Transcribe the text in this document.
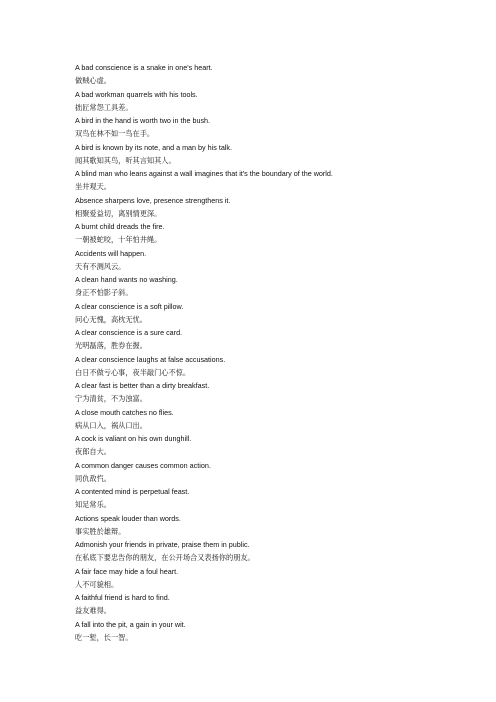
A bad conscience is a snake in one's heart.
做贼心虚。
A bad workman quarrels with his tools.
拙匠常怨工具差。
A bird in the hand is worth two in the bush.
双鸟在林不如一鸟在手。
A bird is known by its note, and a man by his talk.
闻其歌知其鸟，听其言知其人。
A blind man who leans against a wall imagines that it's the boundary of the world.
坐井观天。
Absence sharpens love, presence strengthens it.
相聚爱益切，离别情更深。
A burnt child dreads the fire.
一朝被蛇咬，十年怕井绳。
Accidents will happen.
天有不测风云。
A clean hand wants no washing.
身正不怕影子斜。
A clear conscience is a soft pillow.
问心无愧，高枕无忧。
A clear conscience is a sure card.
光明磊落，胜券在握。
A clear conscience laughs at false accusations.
白日不做亏心事，夜半敲门心不惊。
A clear fast is better than a dirty breakfast.
宁为清贫，不为浊富。
A close mouth catches no flies.
病从口入，祸从口出。
A cock is valiant on his own dunghill.
夜郎自大。
A common danger causes common action.
同仇敌忾。
A contented mind is perpetual feast.
知足常乐。
Actions speak louder than words.
事实胜於雄辩。
Admonish your friends in private, praise them in public.
在私底下要忠告你的朋友，在公开场合又表扬你的朋友。
A fair face may hide a foul heart.
人不可貌相。
A faithful friend is hard to find.
益友难得。
A fall into the pit, a gain in your wit.
吃一堑，长一智。
